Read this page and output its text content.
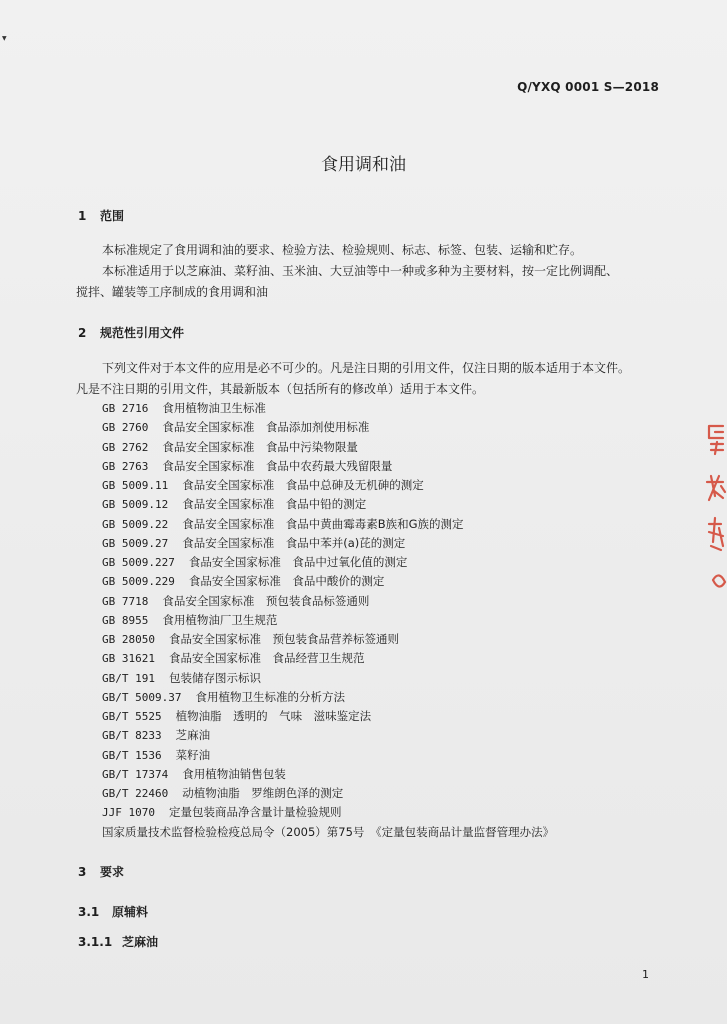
▼
Q/YXQ 0001 S—2018
食用调和油
1 范围
本标准规定了食用调和油的要求、检验方法、检验规则、标志、标签、包装、运输和贮存。
本标准适用于以芝麻油、菜籽油、玉米油、大豆油等中一种或多种为主要材料，按一定比例调配、
搅拌、罐装等工序制成的食用调和油
2 规范性引用文件
下列文件对于本文件的应用是必不可少的。凡是注日期的引用文件，仅注日期的版本适用于本文件。
凡是不注日期的引用文件，其最新版本（包括所有的修改单）适用于本文件。
GB 2716 食用植物油卫生标准
GB 2760 食品安全国家标准　食品添加剂使用标准
GB 2762 食品安全国家标准　食品中污染物限量
GB 2763 食品安全国家标准　食品中农药最大残留限量
GB 5009.11 食品安全国家标准　食品中总砷及无机砷的测定
GB 5009.12 食品安全国家标准　食品中铅的测定
GB 5009.22 食品安全国家标准　食品中黄曲霉毒素B族和G族的测定
GB 5009.27 食品安全国家标准　食品中苯并(a)芘的测定
GB 5009.227 食品安全国家标准　食品中过氧化值的测定
GB 5009.229 食品安全国家标准　食品中酸价的测定
GB 7718 食品安全国家标准　预包装食品标签通则
GB 8955 食用植物油厂卫生规范
GB 28050 食品安全国家标准　预包装食品营养标签通则
GB 31621 食品安全国家标准　食品经营卫生规范
GB/T 191 包装储存图示标识
GB/T 5009.37 食用植物卫生标准的分析方法
GB/T 5525 植物油脂　透明的　气味　滋味鉴定法
GB/T 8233 芝麻油
GB/T 1536 菜籽油
GB/T 17374 食用植物油销售包装
GB/T 22460 动植物油脂　罗维朗色泽的测定
JJF 1070 定量包装商品净含量计量检验规则
国家质量技术监督检验检疫总局令（2005）第75号　《定量包装商品计量监督管理办法》
3 要求
3.1 原辅料
3.1.1 芝麻油
1
